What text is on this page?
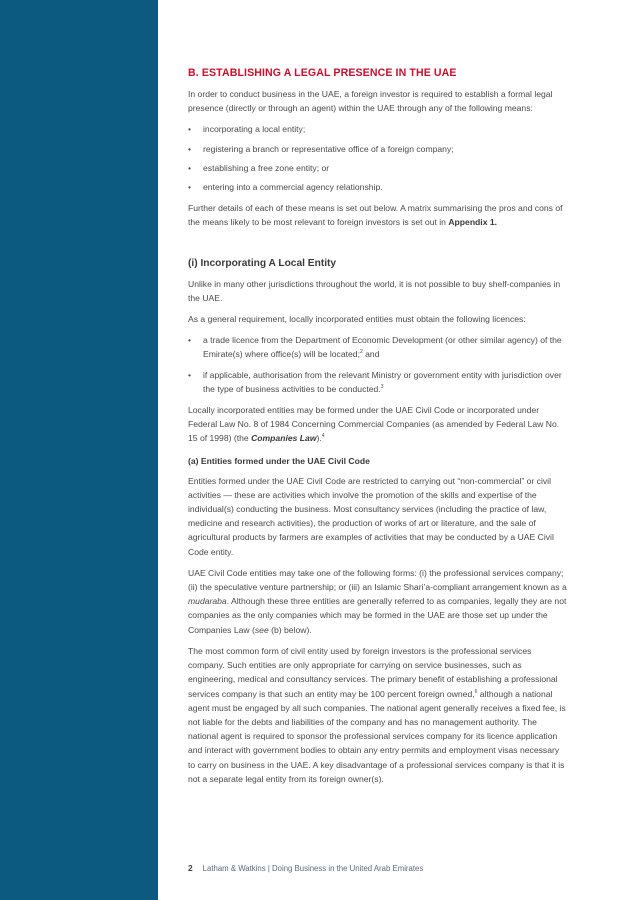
B. ESTABLISHING A LEGAL PRESENCE IN THE UAE

In order to conduct business in the UAE, a foreign investor is required to establish a formal legal presence (directly or through an agent) within the UAE through any of the following means:

• incorporating a local entity;
• registering a branch or representative office of a foreign company;
• establishing a free zone entity; or
• entering into a commercial agency relationship.

Further details of each of these means is set out below. A matrix summarising the pros and cons of the means likely to be most relevant to foreign investors is set out in Appendix 1.

(i) Incorporating A Local Entity

Unlike in many other jurisdictions throughout the world, it is not possible to buy shelf-companies in the UAE.

As a general requirement, locally incorporated entities must obtain the following licences:

• a trade licence from the Department of Economic Development (or other similar agency) of the Emirate(s) where office(s) will be located;$^2$ and
• if applicable, authorisation from the relevant Ministry or government entity with jurisdiction over the type of business activities to be conducted.$^3$

Locally incorporated entities may be formed under the UAE Civil Code or incorporated under Federal Law No. 8 of 1984 Concerning Commercial Companies (as amended by Federal Law No. 15 of 1998) (the Companies Law).$^4$

(a) Entities formed under the UAE Civil Code

Entities formed under the UAE Civil Code are restricted to carrying out “non-commercial” or civil activities — these are activities which involve the promotion of the skills and expertise of the individual(s) conducting the business. Most consultancy services (including the practice of law, medicine and research activities), the production of works of art or literature, and the sale of agricultural products by farmers are examples of activities that may be conducted by a UAE Civil Code entity.

UAE Civil Code entities may take one of the following forms: (i) the professional services company; (ii) the speculative venture partnership; or (iii) an Islamic Shari’a-compliant arrangement known as a mudaraba. Although these three entities are generally referred to as companies, legally they are not companies as the only companies which may be formed in the UAE are those set up under the Companies Law (see (b) below).

The most common form of civil entity used by foreign investors is the professional services company. Such entities are only appropriate for carrying on service businesses, such as engineering, medical and consultancy services. The primary benefit of establishing a professional services company is that such an entity may be 100 percent foreign owned,$^6$ although a national agent must be engaged by all such companies. The national agent generally receives a fixed fee, is not liable for the debts and liabilities of the company and has no management authority. The national agent is required to sponsor the professional services company for its licence application and interact with government bodies to obtain any entry permits and employment visas necessary to carry on business in the UAE. A key disadvantage of a professional services company is that it is not a separate legal entity from its foreign owner(s).

2 Latham & Watkins | Doing Business in the United Arab Emirates
